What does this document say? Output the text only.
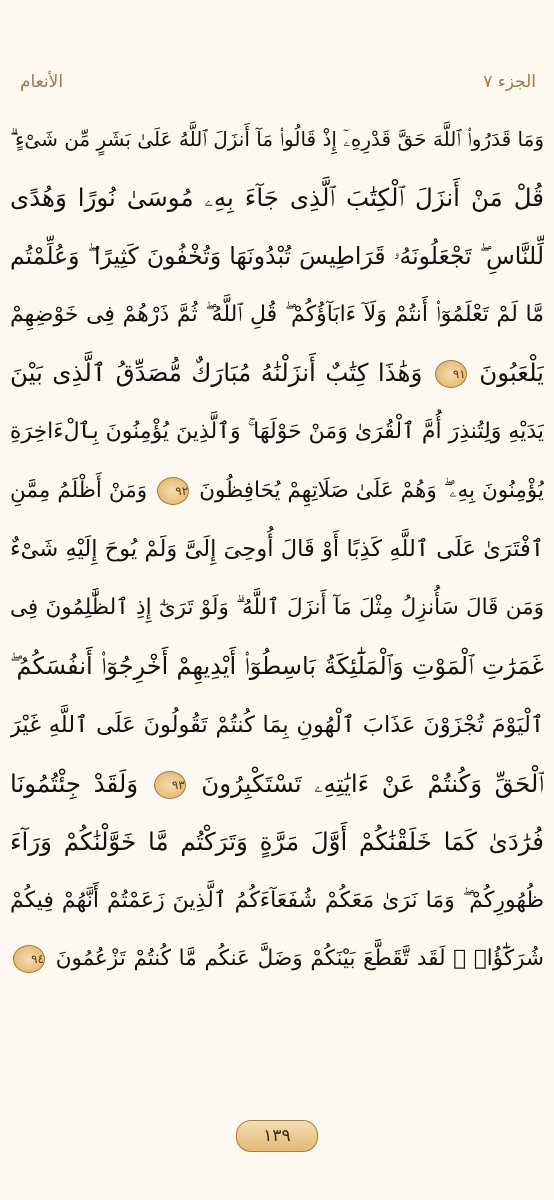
الجزء ٧
الأنعام
وَمَا قَدَرُوا۟ ٱللَّهَ حَقَّ قَدْرِهِۦٓ إِذْ قَالُوا۟ مَآ أَنزَلَ ٱللَّهُ عَلَىٰ بَشَرٍ مِّن شَىْءٍ ۗ
قُلْ مَنْ أَنزَلَ ٱلْكِتَٰبَ ٱلَّذِى جَآءَ بِهِۦ مُوسَىٰ نُورًا وَهُدًى
لِّلنَّاسِ ۖ تَجْعَلُونَهُۥ قَرَاطِيسَ تُبْدُونَهَا وَتُخْفُونَ كَثِيرًا ۖ وَعُلِّمْتُم
مَّا لَمْ تَعْلَمُوٓا۟ أَنتُمْ وَلَآ ءَابَآؤُكُمْ ۖ قُلِ ٱللَّهُ ۖ ثُمَّ ذَرْهُمْ فِى خَوْضِهِمْ
يَلْعَبُونَ ٩١ وَهَٰذَا كِتَٰبٌ أَنزَلْنَٰهُ مُبَارَكٌ مُّصَدِّقُ ٱلَّذِى بَيْنَ
يَدَيْهِ وَلِتُنذِرَ أُمَّ ٱلْقُرَىٰ وَمَنْ حَوْلَهَا ۚ وَٱلَّذِينَ يُؤْمِنُونَ بِٱلْءَاخِرَةِ
يُؤْمِنُونَ بِهِۦ ۖ وَهُمْ عَلَىٰ صَلَاتِهِمْ يُحَافِظُونَ ٩٢ وَمَنْ أَظْلَمُ مِمَّنِ
ٱفْتَرَىٰ عَلَى ٱللَّهِ كَذِبًا أَوْ قَالَ أُوحِىَ إِلَىَّ وَلَمْ يُوحَ إِلَيْهِ شَىْءٌ
وَمَن قَالَ سَأُنزِلُ مِثْلَ مَآ أَنزَلَ ٱللَّهُ ۗ وَلَوْ تَرَىٰٓ إِذِ ٱلظَّٰلِمُونَ فِى
غَمَرَٰتِ ٱلْمَوْتِ وَٱلْمَلَٰٓئِكَةُ بَاسِطُوٓا۟ أَيْدِيهِمْ أَخْرِجُوٓا۟ أَنفُسَكُمُ ۖ
ٱلْيَوْمَ تُجْزَوْنَ عَذَابَ ٱلْهُونِ بِمَا كُنتُمْ تَقُولُونَ عَلَى ٱللَّهِ غَيْرَ
ٱلْحَقِّ وَكُنتُمْ عَنْ ءَايَٰتِهِۦ تَسْتَكْبِرُونَ ٩٣ وَلَقَدْ جِئْتُمُونَا
فُرَٰدَىٰ كَمَا خَلَقْنَٰكُمْ أَوَّلَ مَرَّةٍ وَتَرَكْتُم مَّا خَوَّلْنَٰكُمْ وَرَآءَ
ظُهُورِكُمْ ۖ وَمَا نَرَىٰ مَعَكُمْ شُفَعَآءَكُمُ ٱلَّذِينَ زَعَمْتُمْ أَنَّهُمْ فِيكُمْ
شُرَكَٰٓؤُا۟ ۚ لَقَد تَّقَطَّعَ بَيْنَكُمْ وَضَلَّ عَنكُم مَّا كُنتُمْ تَزْعُمُونَ ٩٤
١٣٩
